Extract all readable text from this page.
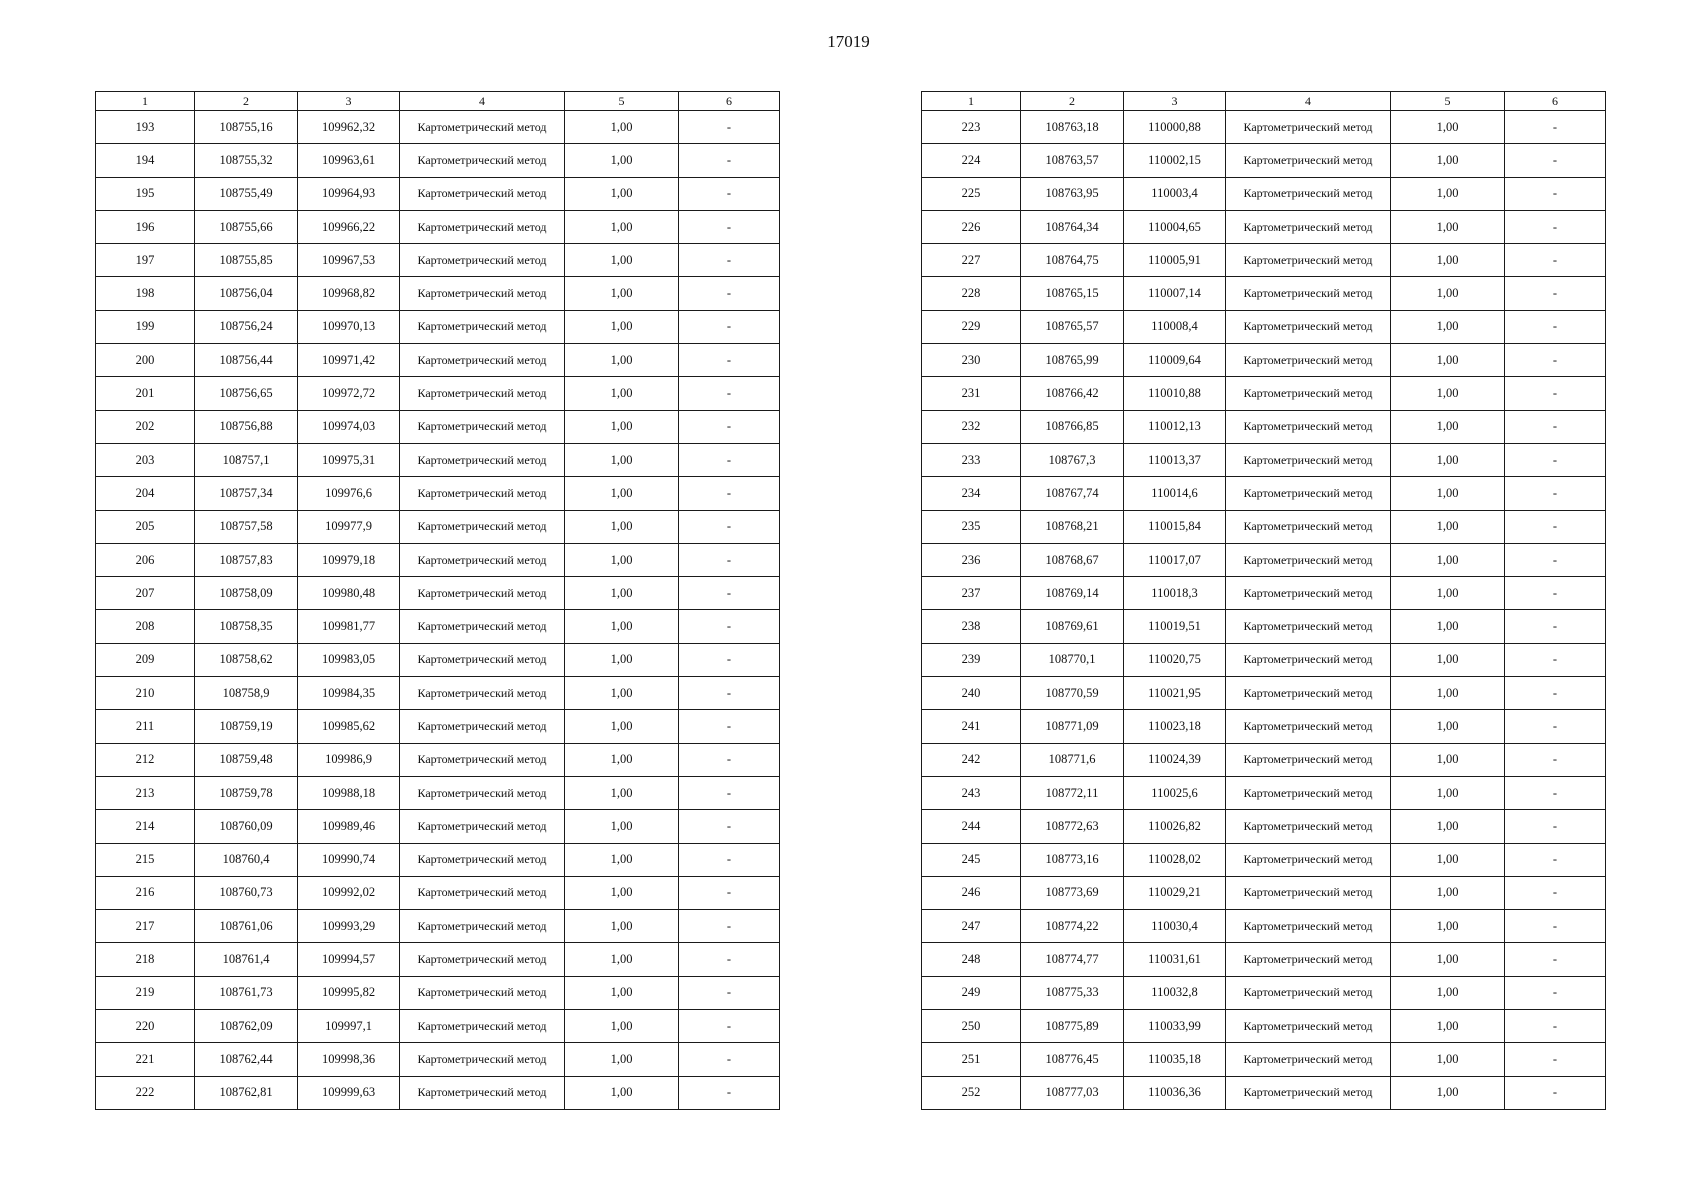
17019
1	2	3	4	5	6
193	108755,16	109962,32	Картометрический метод	1,00	-
194	108755,32	109963,61	Картометрический метод	1,00	-
195	108755,49	109964,93	Картометрический метод	1,00	-
196	108755,66	109966,22	Картометрический метод	1,00	-
197	108755,85	109967,53	Картометрический метод	1,00	-
198	108756,04	109968,82	Картометрический метод	1,00	-
199	108756,24	109970,13	Картометрический метод	1,00	-
200	108756,44	109971,42	Картометрический метод	1,00	-
201	108756,65	109972,72	Картометрический метод	1,00	-
202	108756,88	109974,03	Картометрический метод	1,00	-
203	108757,1	109975,31	Картометрический метод	1,00	-
204	108757,34	109976,6	Картометрический метод	1,00	-
205	108757,58	109977,9	Картометрический метод	1,00	-
206	108757,83	109979,18	Картометрический метод	1,00	-
207	108758,09	109980,48	Картометрический метод	1,00	-
208	108758,35	109981,77	Картометрический метод	1,00	-
209	108758,62	109983,05	Картометрический метод	1,00	-
210	108758,9	109984,35	Картометрический метод	1,00	-
211	108759,19	109985,62	Картометрический метод	1,00	-
212	108759,48	109986,9	Картометрический метод	1,00	-
213	108759,78	109988,18	Картометрический метод	1,00	-
214	108760,09	109989,46	Картометрический метод	1,00	-
215	108760,4	109990,74	Картометрический метод	1,00	-
216	108760,73	109992,02	Картометрический метод	1,00	-
217	108761,06	109993,29	Картометрический метод	1,00	-
218	108761,4	109994,57	Картометрический метод	1,00	-
219	108761,73	109995,82	Картометрический метод	1,00	-
220	108762,09	109997,1	Картометрический метод	1,00	-
221	108762,44	109998,36	Картометрический метод	1,00	-
222	108762,81	109999,63	Картометрический метод	1,00	-
1	2	3	4	5	6
223	108763,18	110000,88	Картометрический метод	1,00	-
224	108763,57	110002,15	Картометрический метод	1,00	-
225	108763,95	110003,4	Картометрический метод	1,00	-
226	108764,34	110004,65	Картометрический метод	1,00	-
227	108764,75	110005,91	Картометрический метод	1,00	-
228	108765,15	110007,14	Картометрический метод	1,00	-
229	108765,57	110008,4	Картометрический метод	1,00	-
230	108765,99	110009,64	Картометрический метод	1,00	-
231	108766,42	110010,88	Картометрический метод	1,00	-
232	108766,85	110012,13	Картометрический метод	1,00	-
233	108767,3	110013,37	Картометрический метод	1,00	-
234	108767,74	110014,6	Картометрический метод	1,00	-
235	108768,21	110015,84	Картометрический метод	1,00	-
236	108768,67	110017,07	Картометрический метод	1,00	-
237	108769,14	110018,3	Картометрический метод	1,00	-
238	108769,61	110019,51	Картометрический метод	1,00	-
239	108770,1	110020,75	Картометрический метод	1,00	-
240	108770,59	110021,95	Картометрический метод	1,00	-
241	108771,09	110023,18	Картометрический метод	1,00	-
242	108771,6	110024,39	Картометрический метод	1,00	-
243	108772,11	110025,6	Картометрический метод	1,00	-
244	108772,63	110026,82	Картометрический метод	1,00	-
245	108773,16	110028,02	Картометрический метод	1,00	-
246	108773,69	110029,21	Картометрический метод	1,00	-
247	108774,22	110030,4	Картометрический метод	1,00	-
248	108774,77	110031,61	Картометрический метод	1,00	-
249	108775,33	110032,8	Картометрический метод	1,00	-
250	108775,89	110033,99	Картометрический метод	1,00	-
251	108776,45	110035,18	Картометрический метод	1,00	-
252	108777,03	110036,36	Картометрический метод	1,00	-
